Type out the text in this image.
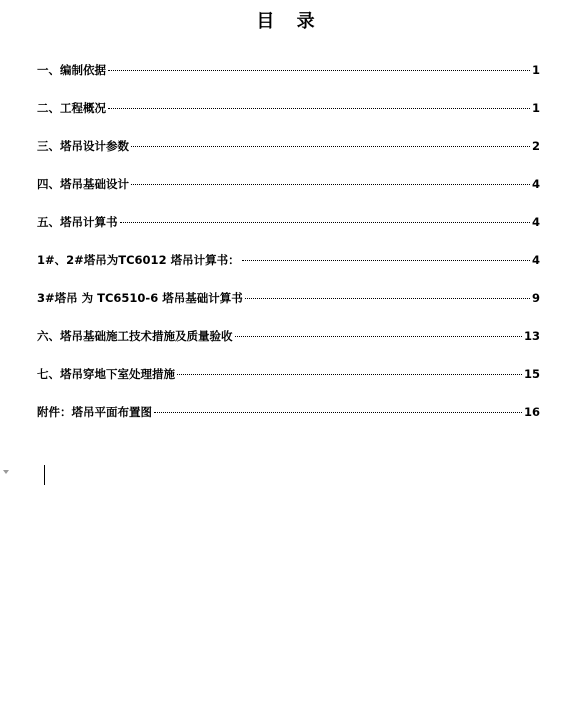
目 录
一、编制依据	1
二、工程概况	1
三、塔吊设计参数	2
四、塔吊基础设计	4
五、塔吊计算书	4
1#、2#塔吊为TC6012 塔吊计算书：	4
3#塔吊 为 TC6510-6 塔吊基础计算书	9
六、塔吊基础施工技术措施及质量验收	13
七、塔吊穿地下室处理措施	15
附件：塔吊平面布置图	16
